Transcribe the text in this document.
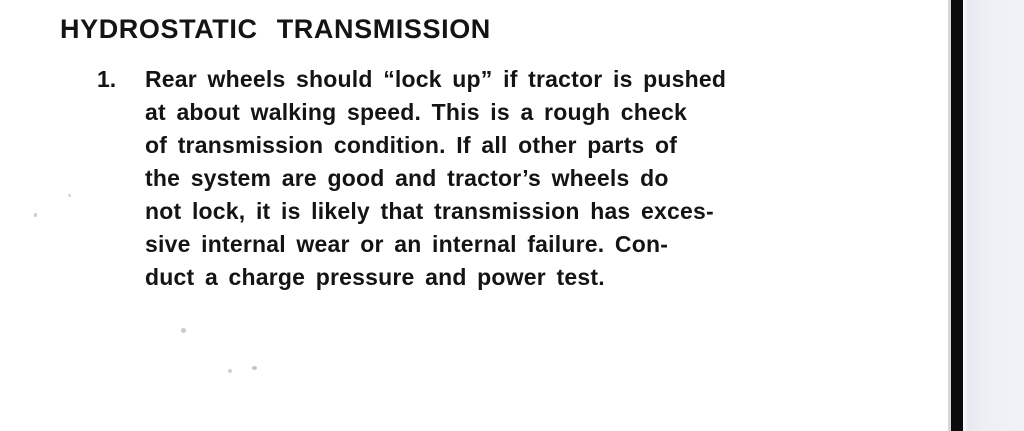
HYDROSTATIC TRANSMISSION
1.	Rear wheels should “lock up” if tractor is pushed
at about walking speed. This is a rough check
of transmission condition. If all other parts of
the system are good and tractor’s wheels do
not lock, it is likely that transmission has exces-
sive internal wear or an internal failure. Con-
duct a charge pressure and power test.
